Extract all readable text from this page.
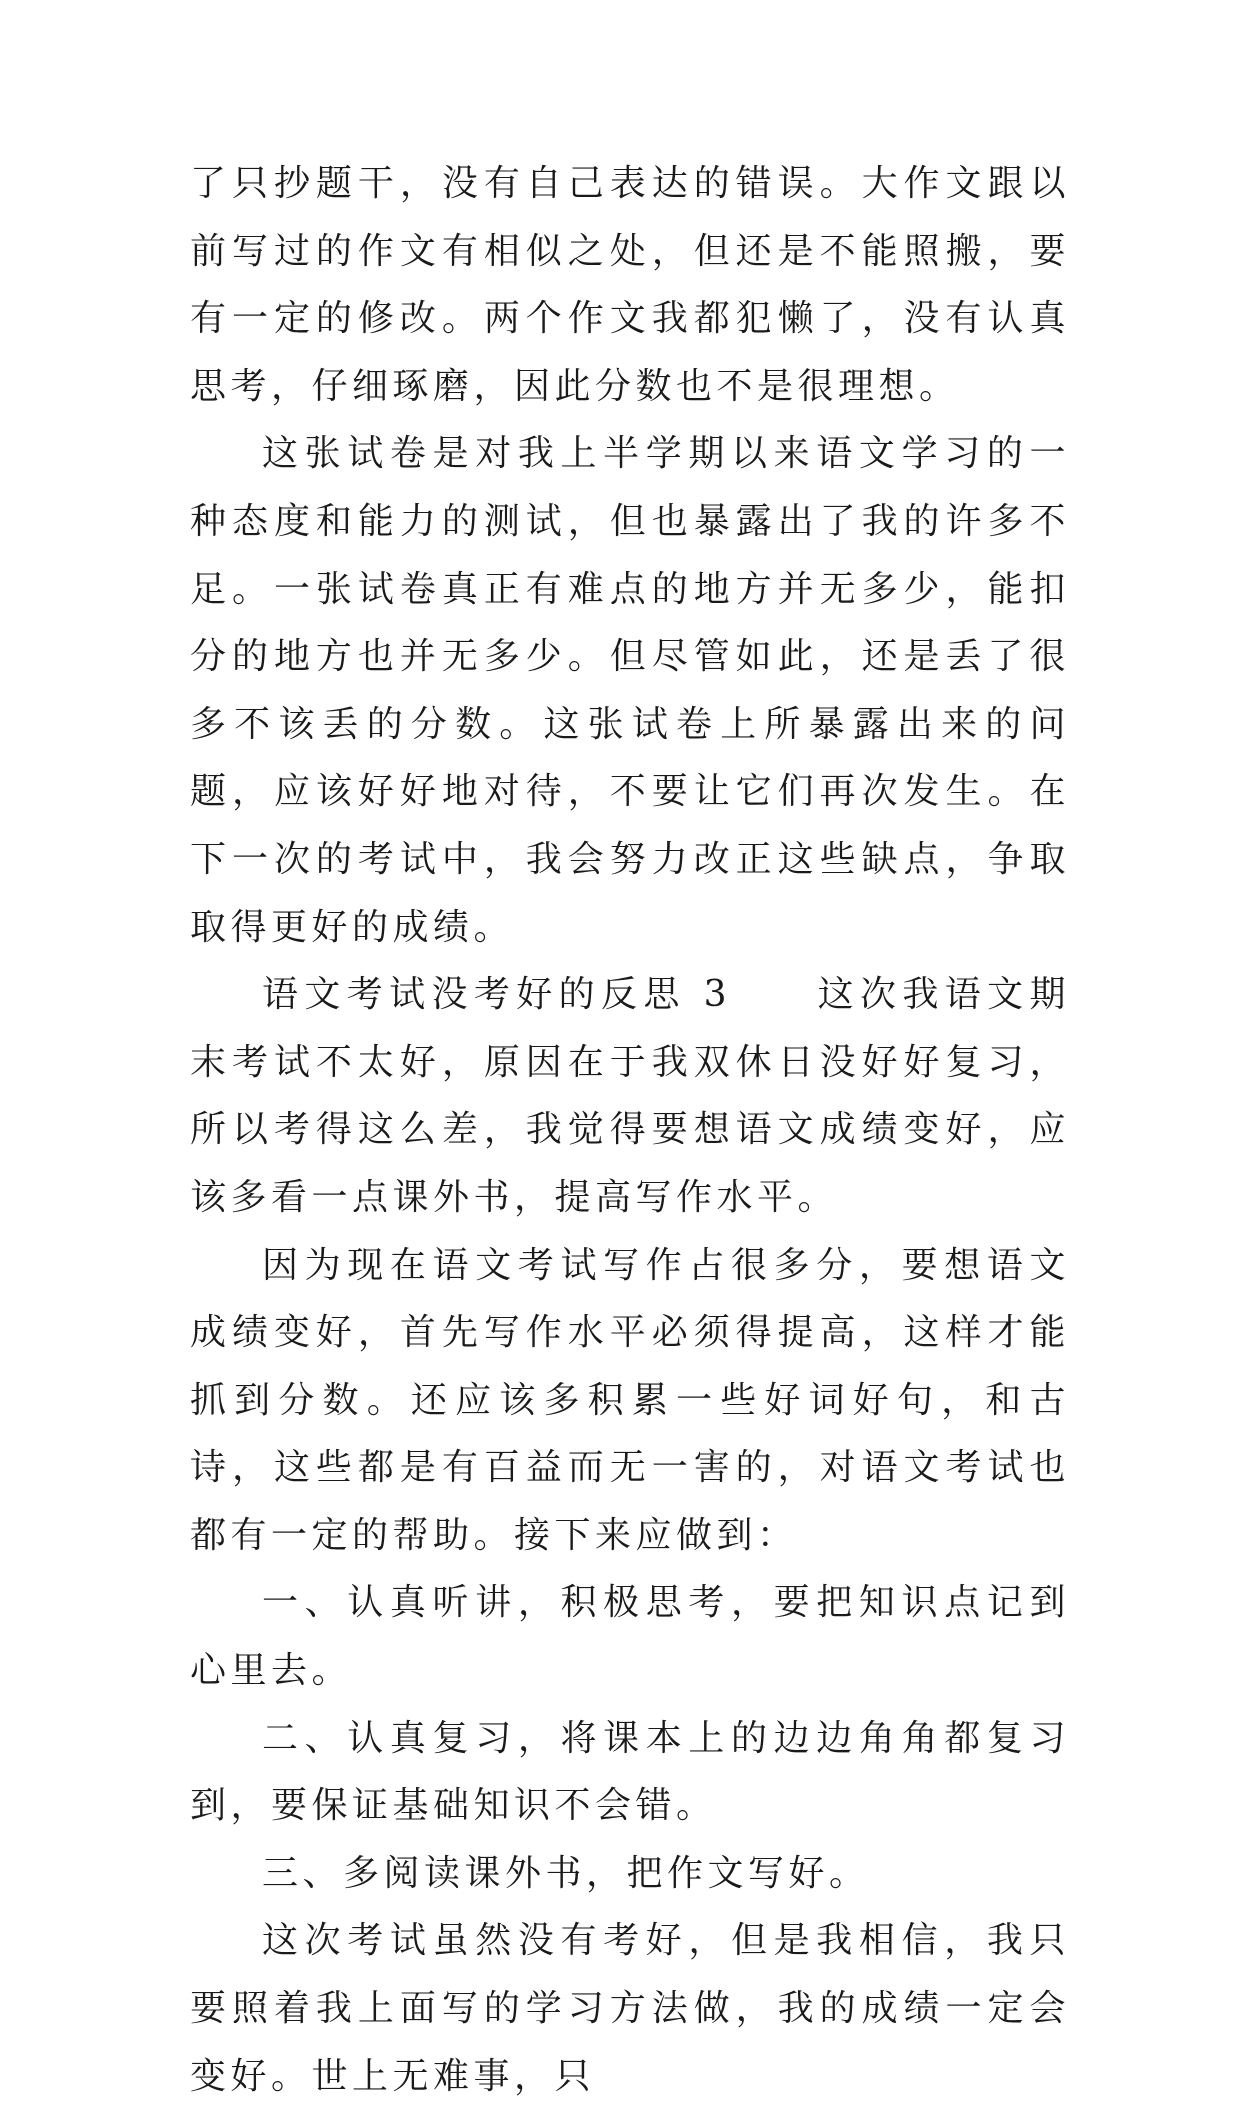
了只抄题干，没有自己表达的错误。大作文跟以前写过的作文有相似之处，但还是不能照搬，要有一定的修改。两个作文我都犯懒了，没有认真思考，仔细琢磨，因此分数也不是很理想。

这张试卷是对我上半学期以来语文学习的一种态度和能力的测试，但也暴露出了我的许多不足。一张试卷真正有难点的地方并无多少，能扣分的地方也并无多少。但尽管如此，还是丢了很多不该丢的分数。这张试卷上所暴露出来的问题，应该好好地对待，不要让它们再次发生。在下一次的考试中，我会努力改正这些缺点，争取取得更好的成绩。

语文考试没考好的反思 3　　这次我语文期末考试不太好，原因在于我双休日没好好复习，所以考得这么差，我觉得要想语文成绩变好，应该多看一点课外书，提高写作水平。

因为现在语文考试写作占很多分，要想语文成绩变好，首先写作水平必须得提高，这样才能抓到分数。还应该多积累一些好词好句，和古诗，这些都是有百益而无一害的，对语文考试也都有一定的帮助。接下来应做到：

一、认真听讲，积极思考，要把知识点记到心里去。

二、认真复习，将课本上的边边角角都复习到，要保证基础知识不会错。

三、多阅读课外书，把作文写好。

这次考试虽然没有考好，但是我相信，我只要照着我上面写的学习方法做，我的成绩一定会变好。世上无难事，只
